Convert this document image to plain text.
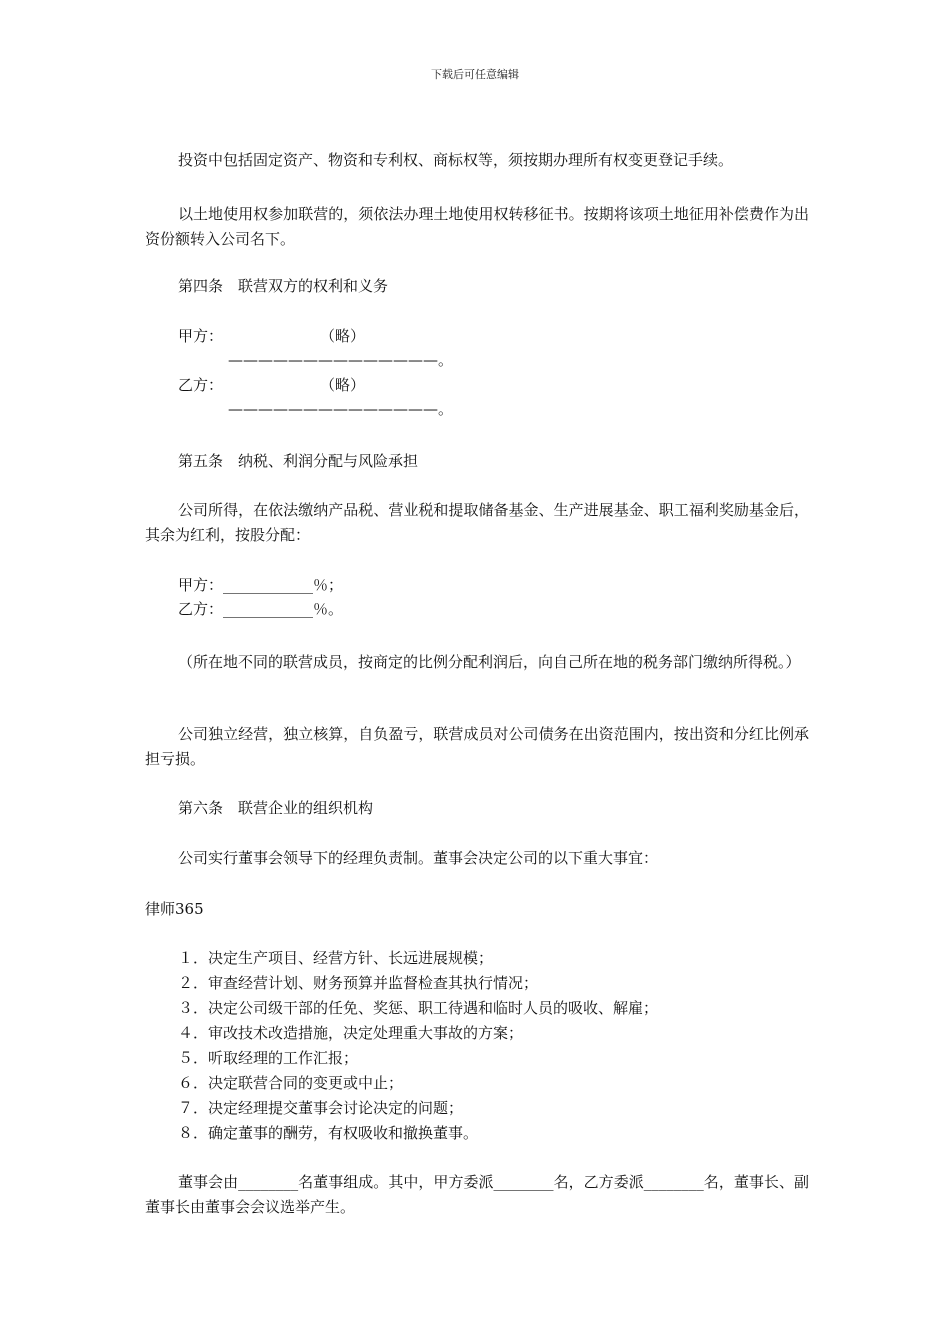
下载后可任意编辑

投资中包括固定资产、物资和专利权、商标权等，须按期办理所有权变更登记手续。

以土地使用权参加联营的，须依法办理土地使用权转移征书。按期将该项土地征用补偿费作为出资份额转入公司名下。

第四条　联营双方的权利和义务
甲方：	（略）
——————————————。
乙方：	（略）
——————————————。
第五条　纳税、利润分配与风险承担

公司所得，在依法缴纳产品税、营业税和提取储备基金、生产进展基金、职工福利奖励基金后，其余为红利，按股分配：

甲方：____________％；
乙方：____________％。

（所在地不同的联营成员，按商定的比例分配利润后，向自己所在地的税务部门缴纳所得税。）

公司独立经营，独立核算，自负盈亏，联营成员对公司债务在出资范围内，按出资和分红比例承担亏损。

第六条　联营企业的组织机构
公司实行董事会领导下的经理负责制。董事会决定公司的以下重大事宜：
律师365
１．决定生产项目、经营方针、长远进展规模；
２．审查经营计划、财务预算并监督检查其执行情况；
３．决定公司级干部的任免、奖惩、职工待遇和临时人员的吸收、解雇；
４．审改技术改造措施，决定处理重大事故的方案；
５．听取经理的工作汇报；
６．决定联营合同的变更或中止；
７．决定经理提交董事会讨论决定的问题；
８．确定董事的酬劳，有权吸收和撤换董事。

董事会由________名董事组成。其中，甲方委派________名，乙方委派________名，董事长、副董事长由董事会会议选举产生。
